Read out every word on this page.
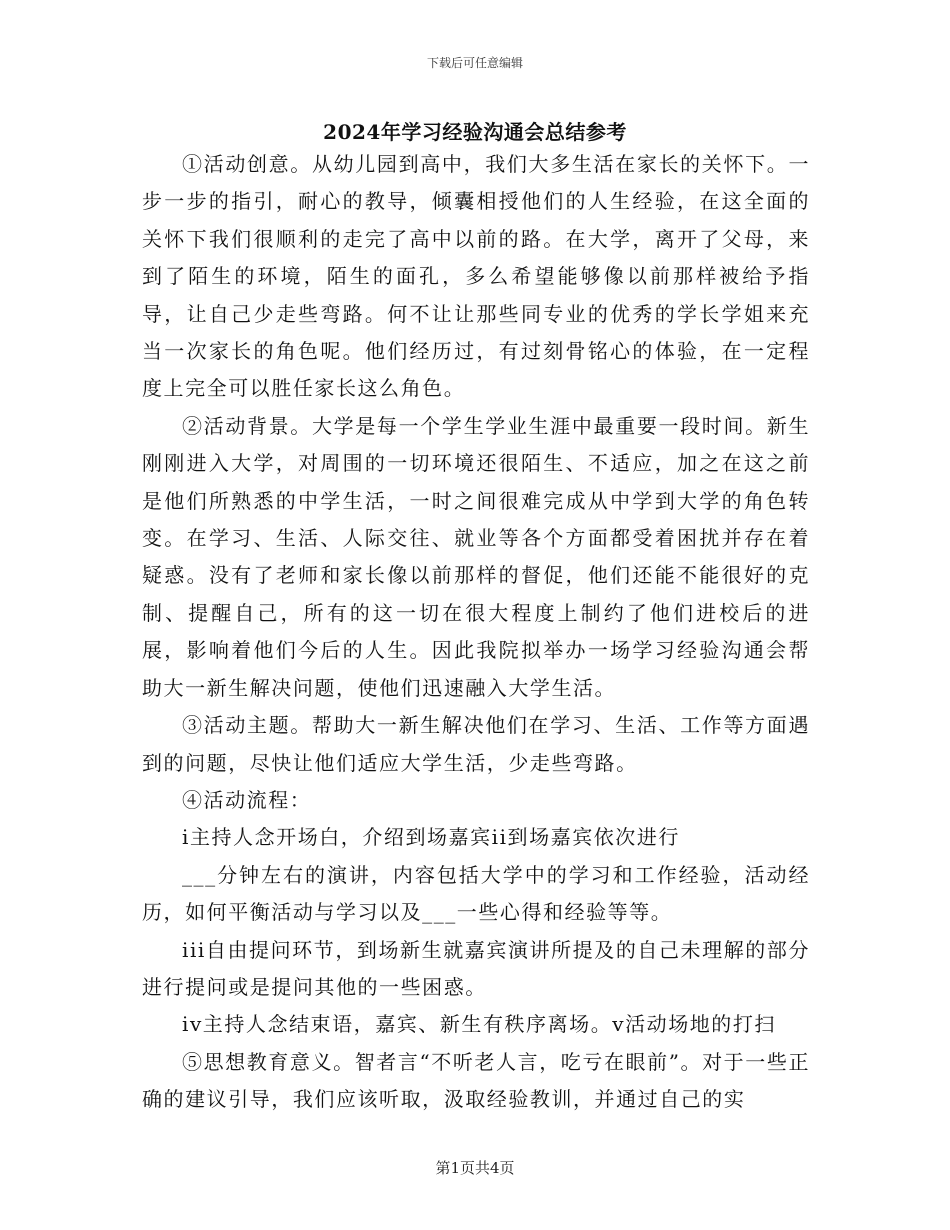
下载后可任意编辑
2024年学习经验沟通会总结参考

①活动创意。从幼儿园到高中，我们大多生活在家长的关怀下。一步一步的指引，耐心的教导，倾囊相授他们的人生经验，在这全面的关怀下我们很顺利的走完了高中以前的路。在大学，离开了父母，来到了陌生的环境，陌生的面孔，多么希望能够像以前那样被给予指导，让自己少走些弯路。何不让让那些同专业的优秀的学长学姐来充当一次家长的角色呢。他们经历过，有过刻骨铭心的体验，在一定程度上完全可以胜任家长这么角色。

②活动背景。大学是每一个学生学业生涯中最重要一段时间。新生刚刚进入大学，对周围的一切环境还很陌生、不适应，加之在这之前是他们所熟悉的中学生活，一时之间很难完成从中学到大学的角色转变。在学习、生活、人际交往、就业等各个方面都受着困扰并存在着疑惑。没有了老师和家长像以前那样的督促，他们还能不能很好的克制、提醒自己，所有的这一切在很大程度上制约了他们进校后的进展，影响着他们今后的人生。因此我院拟举办一场学习经验沟通会帮助大一新生解决问题，使他们迅速融入大学生活。

③活动主题。帮助大一新生解决他们在学习、生活、工作等方面遇到的问题，尽快让他们适应大学生活，少走些弯路。

④活动流程：

i主持人念开场白，介绍到场嘉宾ii到场嘉宾依次进行

___分钟左右的演讲，内容包括大学中的学习和工作经验，活动经历，如何平衡活动与学习以及___一些心得和经验等等。

iii自由提问环节，到场新生就嘉宾演讲所提及的自己未理解的部分进行提问或是提问其他的一些困惑。

iv主持人念结束语，嘉宾、新生有秩序离场。v活动场地的打扫

⑤思想教育意义。智者言“不听老人言，吃亏在眼前”。对于一些正确的建议引导，我们应该听取，汲取经验教训，并通过自己的实

第1页共4页
